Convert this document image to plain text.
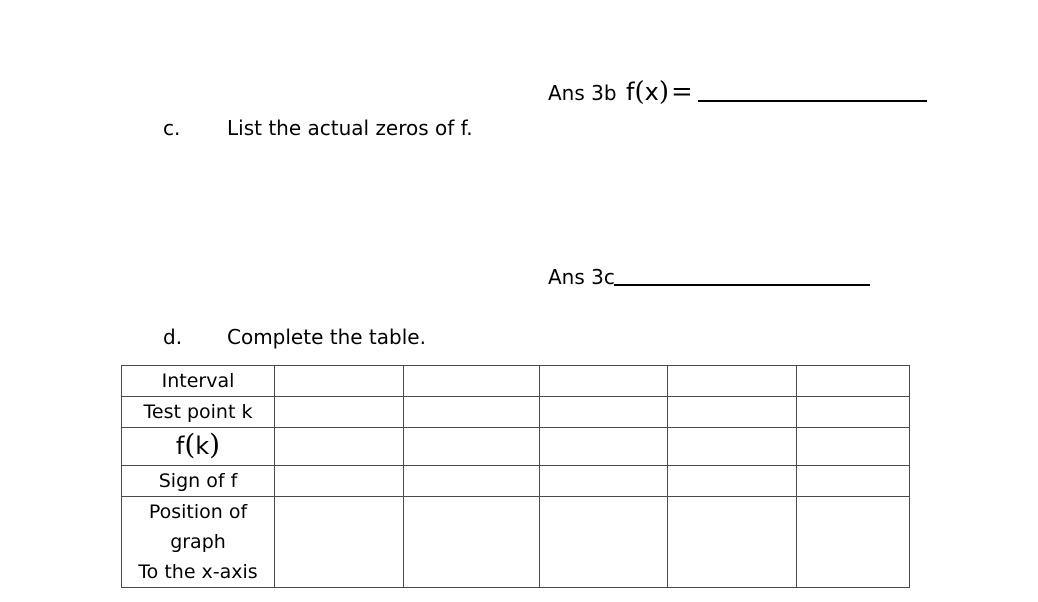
Ans 3b f(x)=
c. List the actual zeros of f.
Ans 3c
d. Complete the table.
Interval					
Test point k					
f(k)					
Sign of f					

Position of
graph
To the x-axis					
